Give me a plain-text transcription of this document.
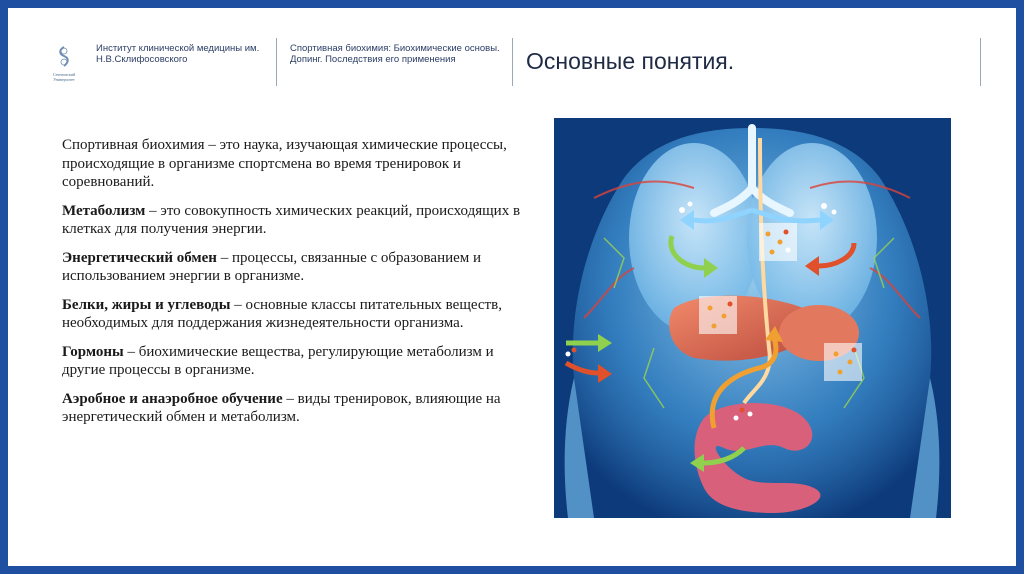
Сеченовский
Университет
Институт клинической медицины им. Н.В.Склифосовского
Спортивная биохимия: Биохимические основы. Допинг. Последствия его применения	Основные понятия.

Спортивная биохимия – это наука, изучающая химические процессы, происходящие в организме спортсмена во время тренировок и соревнований.

Метаболизм – это совокупность химических реакций, происходящих в клетках для получения энергии.

Энергетический обмен – процессы, связанные с образованием и использованием энергии в организме.

Белки, жиры и углеводы – основные классы питательных веществ, необходимых для поддержания жизнедеятельности организма.

Гормоны – биохимические вещества, регулирующие метаболизм и другие процессы в организме.

Аэробное и анаэробное обучение – виды тренировок, влияющие на энергетический обмен и метаболизм.
